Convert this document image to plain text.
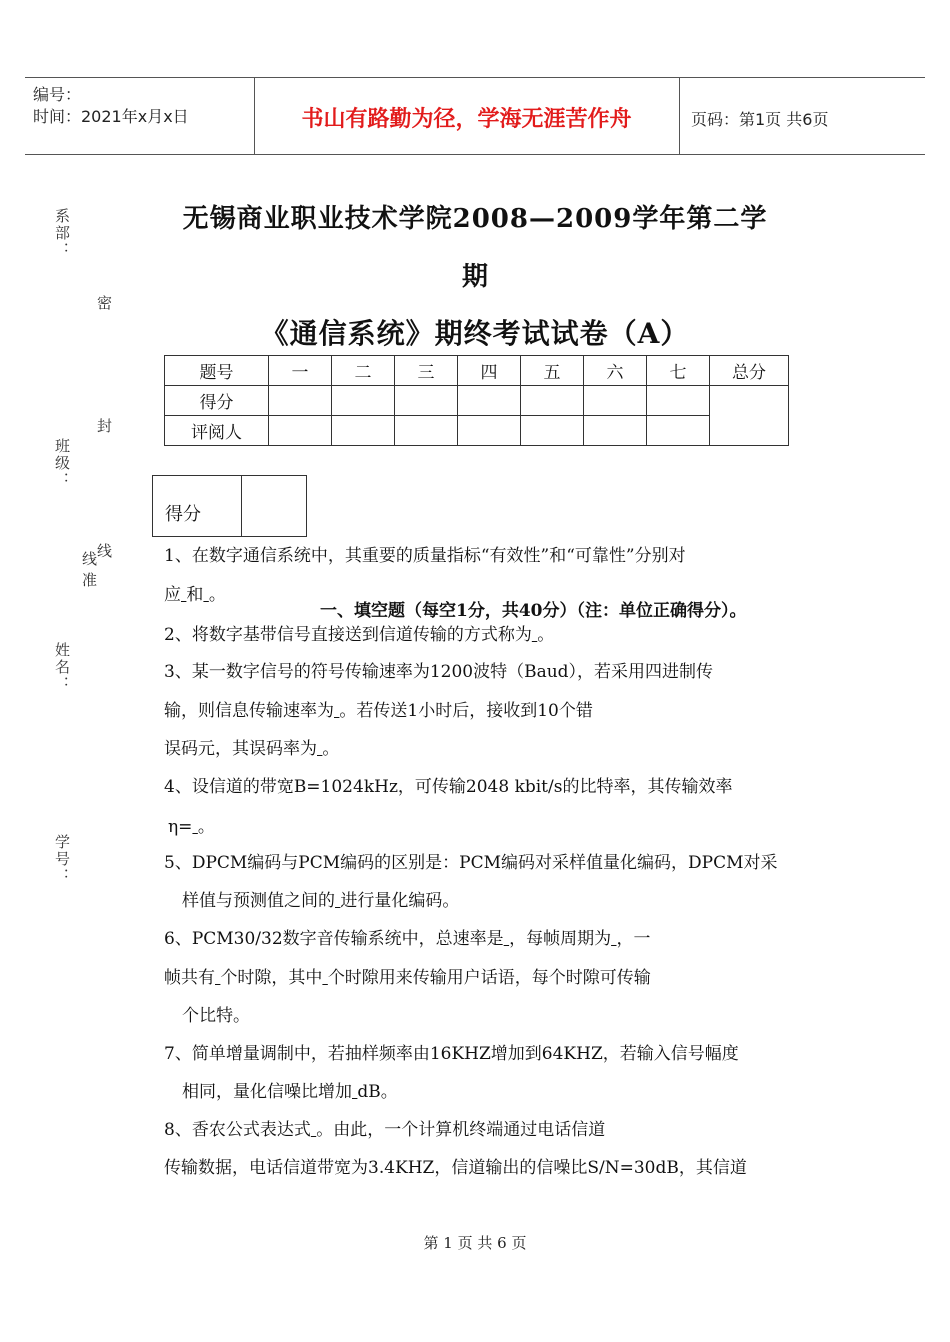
编号：
时间：2021年x月x日	书山有路勤为径，学海无涯苦作舟	页码：第1页 共6页
系部：
密
封
班级：
线
线
准
姓名：
学号：
无锡商业职业技术学院2008—2009学年第二学
期
《通信系统》期终考试试卷（A）
题号	一	二	三	四	五	六	七	总分
得分								
评阅人								
得分	
一、填空题（每空1分，共40分）（注：单位正确得分）。
1、在数字通信系统中，其重要的质量指标“有效性”和“可靠性”分别对
应 和 。
2、将数字基带信号直接送到信道传输的方式称为 。
3、某一数字信号的符号传输速率为1200波特（Baud），若采用四进制传
输，则信息传输速率为 。若传送1小时后，接收到10个错
误码元，其误码率为 。
4、设信道的带宽B=1024kHz，可传输2048 kbit/s的比特率，其传输效率
η= 。
5、DPCM编码与PCM编码的区别是：PCM编码对采样值量化编码，DPCM对采
样值与预测值之间的 进行量化编码。
6、PCM30/32数字音传输系统中，总速率是 ，每帧周期为 ，一
帧共有 个时隙，其中 个时隙用来传输用户话语，每个时隙可传输
个比特。
7、简单增量调制中，若抽样频率由16KHZ增加到64KHZ，若输入信号幅度
相同，量化信噪比增加 dB。
8、香农公式表达式 。由此，一个计算机终端通过电话信道
传输数据，电话信道带宽为3.4KHZ，信道输出的信噪比S/N=30dB，其信道
第 1 页 共 6 页
